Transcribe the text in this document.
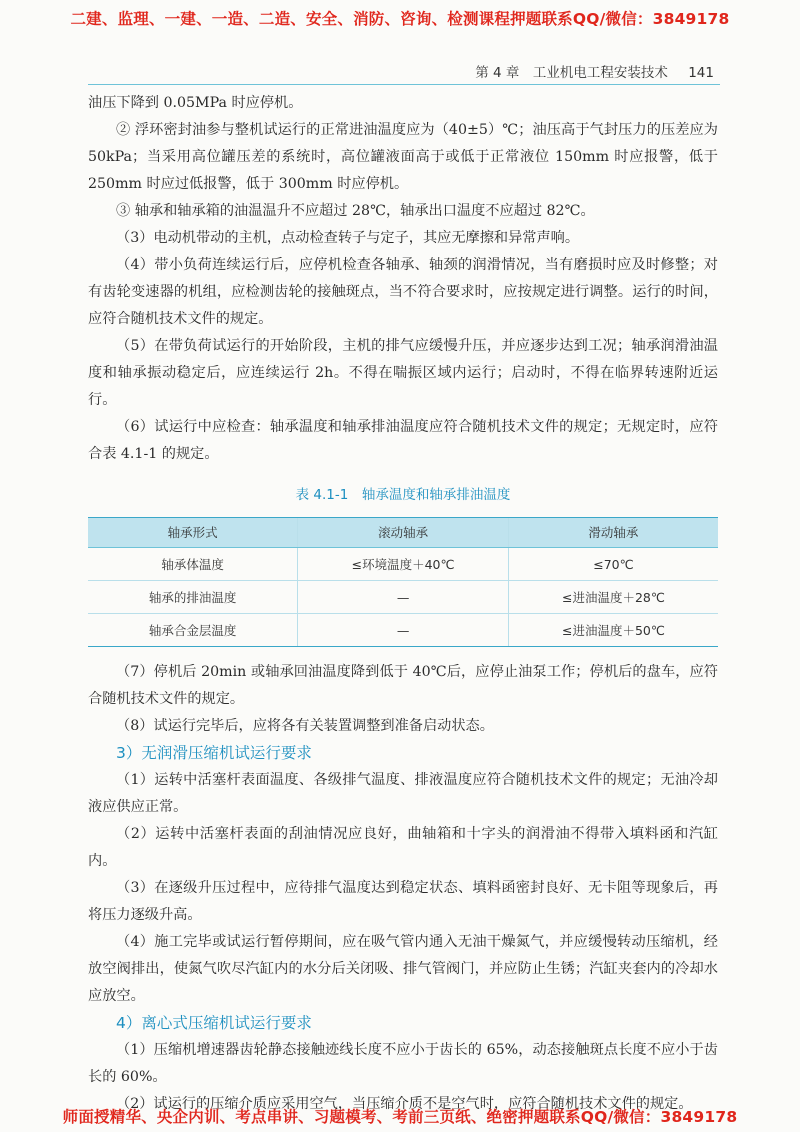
二建、监理、一建、一造、二造、安全、消防、咨询、检测课程押题联系QQ/微信：3849178
第 4 章　工业机电工程安装技术 141

油压下降到 0.05MPa 时应停机。

② 浮环密封油参与整机试运行的正常进油温度应为（40±5）℃；油压高于气封压力的压差应为 50kPa；当采用高位罐压差的系统时，高位罐液面高于或低于正常液位 150mm 时应报警，低于 250mm 时应过低报警，低于 300mm 时应停机。

③ 轴承和轴承箱的油温温升不应超过 28℃，轴承出口温度不应超过 82℃。

（3）电动机带动的主机，点动检查转子与定子，其应无摩擦和异常声响。

（4）带小负荷连续运行后，应停机检查各轴承、轴颈的润滑情况，当有磨损时应及时修整；对有齿轮变速器的机组，应检测齿轮的接触斑点，当不符合要求时，应按规定进行调整。运行的时间，应符合随机技术文件的规定。

（5）在带负荷试运行的开始阶段，主机的排气应缓慢升压，并应逐步达到工况；轴承润滑油温度和轴承振动稳定后，应连续运行 2h。不得在喘振区域内运行；启动时，不得在临界转速附近运行。

（6）试运行中应检查：轴承温度和轴承排油温度应符合随机技术文件的规定；无规定时，应符合表 4.1-1 的规定。

表 4.1-1　轴承温度和轴承排油温度
轴承形式	滚动轴承	滑动轴承
轴承体温度	≤环境温度＋40℃	≤70℃
轴承的排油温度	—	≤进油温度＋28℃
轴承合金层温度	—	≤进油温度＋50℃

（7）停机后 20min 或轴承回油温度降到低于 40℃后，应停止油泵工作；停机后的盘车，应符合随机技术文件的规定。

（8）试运行完毕后，应将各有关装置调整到准备启动状态。

3）无润滑压缩机试运行要求

（1）运转中活塞杆表面温度、各级排气温度、排液温度应符合随机技术文件的规定；无油冷却液应供应正常。

（2）运转中活塞杆表面的刮油情况应良好，曲轴箱和十字头的润滑油不得带入填料函和汽缸内。

（3）在逐级升压过程中，应待排气温度达到稳定状态、填料函密封良好、无卡阻等现象后，再将压力逐级升高。

（4）施工完毕或试运行暂停期间，应在吸气管内通入无油干燥氮气，并应缓慢转动压缩机，经放空阀排出，使氮气吹尽汽缸内的水分后关闭吸、排气管阀门，并应防止生锈；汽缸夹套内的冷却水应放空。

4）离心式压缩机试运行要求

（1）压缩机增速器齿轮静态接触迹线长度不应小于齿长的 65%，动态接触斑点长度不应小于齿长的 60%。

（2）试运行的压缩介质应采用空气，当压缩介质不是空气时，应符合随机技术文件的规定。

师面授精华、央企内训、考点串讲、习题模考、考前三页纸、绝密押题联系QQ/微信：3849178
